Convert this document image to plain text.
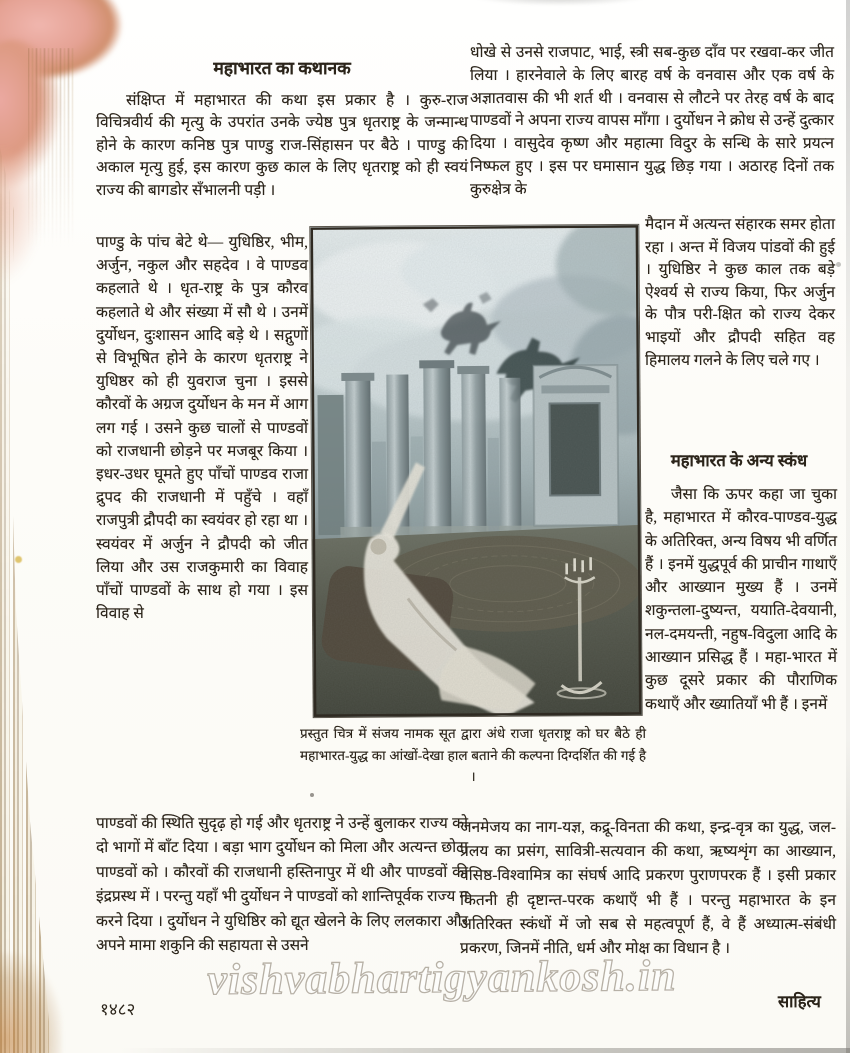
महाभारत का कथानक
महाभारत के अन्य स्कंध

संक्षिप्त में महाभारत की कथा इस प्रकार है । कुरु-राज विचित्रवीर्य की मृत्यु के उपरांत उनके ज्येष्ठ पुत्र धृतराष्ट्र के जन्मान्ध होने के कारण कनिष्ठ पुत्र पाण्डु राज-सिंहासन पर बैठे । पाण्डु की अकाल मृत्यु हुई, इस कारण कुछ काल के लिए धृतराष्ट्र को ही स्वयं राज्य की बागडोर सँभालनी पड़ी ।

पाण्डु के पांच बेटे थे— युधिष्ठिर, भीम, अर्जुन, नकुल और सहदेव । वे पाण्डव कहलाते थे । धृत-राष्ट्र के पुत्र कौरव कहलाते थे और संख्या में सौ थे । उनमें दुर्योधन, दुःशासन आदि बड़े थे । सद्गुणों से विभूषित होने के कारण धृतराष्ट्र ने युधिष्ठर को ही युवराज चुना । इससे कौरवों के अग्रज दुर्योधन के मन में आग लग गई । उसने कुछ चालों से पाण्डवों को राजधानी छोड़ने पर मजबूर किया । इधर-उधर घूमते हुए पाँचों पाण्डव राजा द्रुपद की राजधानी में पहुँचे । वहाँ राजपुत्री द्रौपदी का स्वयंवर हो रहा था । स्वयंवर में अर्जुन ने द्रौपदी को जीत लिया और उस राजकुमारी का विवाह पाँचों पाण्डवों के साथ हो गया । इस विवाह से

पाण्डवों की स्थिति सुदृढ़ हो गई और धृतराष्ट्र ने उन्हें बुलाकर राज्य को दो भागों में बाँट दिया । बड़ा भाग दुर्योधन को मिला और अत्यन्त छोटा पाण्डवों को । कौरवों की राजधानी हस्तिनापुर में थी और पाण्डवों की इंद्रप्रस्थ में । परन्तु यहाँ भी दुर्योधन ने पाण्डवों को शान्तिपूर्वक राज्य न करने दिया । दुर्योधन ने युधिष्ठिर को द्यूत खेलने के लिए ललकारा और अपने मामा शकुनि की सहायता से उसने

धोखे से उनसे राजपाट, भाई, स्त्री सब-कुछ दाँव पर रखवा-कर जीत लिया । हारनेवाले के लिए बारह वर्ष के वनवास और एक वर्ष के अज्ञातवास की भी शर्त थी । वनवास से लौटने पर तेरह वर्ष के बाद पाण्डवों ने अपना राज्य वापस माँगा । दुर्योधन ने क्रोध से उन्हें दुत्कार दिया । वासुदेव कृष्ण और महात्मा विदुर के सन्धि के सारे प्रयत्न निष्फल हुए । इस पर घमासान युद्ध छिड़ गया । अठारह दिनों तक कुरुक्षेत्र के

मैदान में अत्यन्त संहारक समर होता रहा । अन्त में विजय पांडवों की हुई । युधिष्ठिर ने कुछ काल तक बड़े ऐश्वर्य से राज्य किया, फिर अर्जुन के पौत्र परी-क्षित को राज्य देकर भाइयों और द्रौपदी सहित वह हिमालय गलने के लिए चले गए ।

जैसा कि ऊपर कहा जा चुका है, महाभारत में कौरव-पाण्डव-युद्ध के अतिरिक्त, अन्य विषय भी वर्णित हैं । इनमें युद्धपूर्व की प्राचीन गाथाएँ और आख्यान मुख्य हैं । उनमें शकुन्तला-दुष्यन्त, ययाति-देवयानी, नल-दमयन्ती, नहुष-विदुला आदि के आख्यान प्रसिद्ध हैं । महा-भारत में कुछ दूसरे प्रकार की पौराणिक कथाएँ और ख्यातियाँ भी हैं । इनमें

जनमेजय का नाग-यज्ञ, कद्रू-विनता की कथा, इन्द्र-वृत्र का युद्ध, जल-प्रलय का प्रसंग, सावित्री-सत्यवान की कथा, ऋष्यशृंग का आख्यान, वसिष्ठ-विश्वामित्र का संघर्ष आदि प्रकरण पुराणपरक हैं । इसी प्रकार कितनी ही दृष्टान्त-परक कथाएँ भी हैं । परन्तु महाभारत के इन अतिरिक्त स्कंधों में जो सब से महत्वपूर्ण हैं, वे हैं अध्यात्म-संबंधी प्रकरण, जिनमें नीति, धर्म और मोक्ष का विधान है ।

प्रस्तुत चित्र में संजय नामक सूत द्वारा अंधे राजा धृतराष्ट्र को घर बैठे ही महाभारत-युद्ध का आंखों-देखा हाल बताने की कल्पना दिग्दर्शित की गई है ।
१४८२	साहित्य
vishvabhartigyankosh.in
